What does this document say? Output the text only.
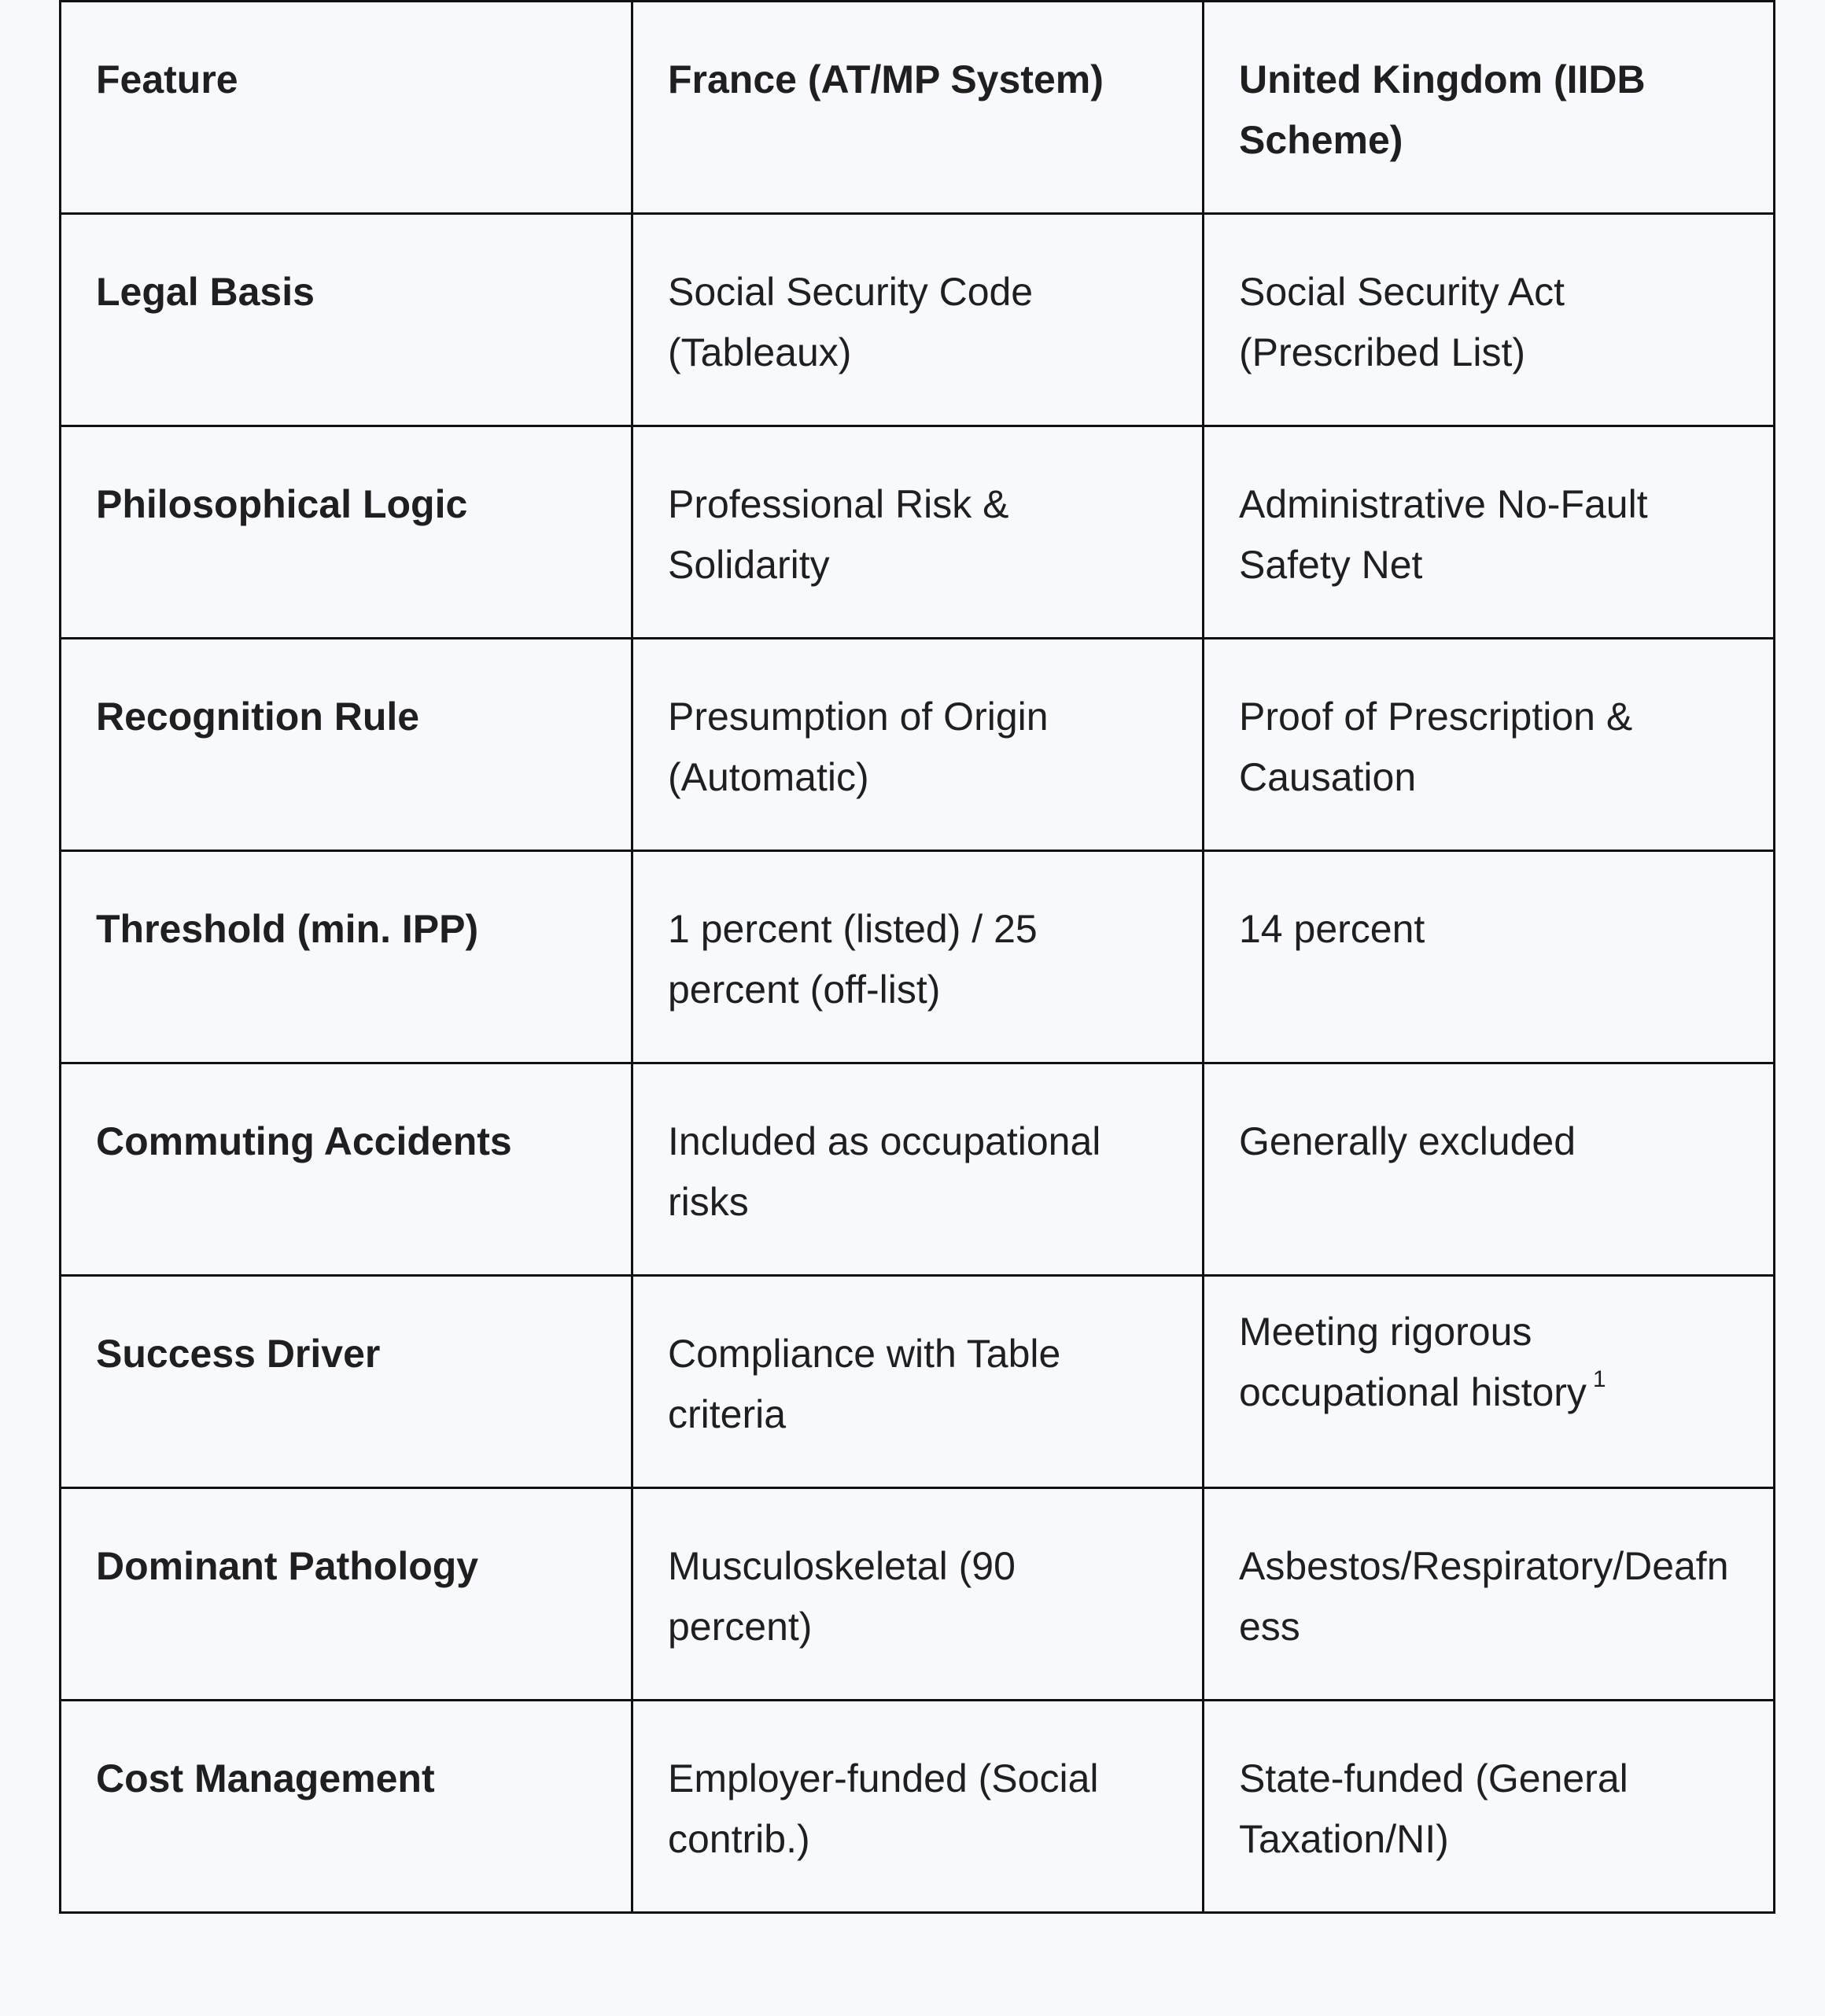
Feature	France (AT/MP System)	United Kingdom (IIDB Scheme)
Legal Basis	Social Security Code (Tableaux)	Social Security Act (Prescribed List)
Philosophical Logic	Professional Risk & Solidarity	Administrative No-Fault Safety Net
Recognition Rule	Presumption of Origin (Automatic)	Proof of Prescription & Causation
Threshold (min. IPP)	1 percent (listed) / 25 percent (off-list)	14 percent
Commuting Accidents	Included as occupational risks	Generally excluded
Success Driver	Compliance with Table criteria	Meeting rigorous occupational history $^1$
Dominant Pathology	Musculoskeletal (90 percent)	Asbestos/Respiratory/Deafness
Cost Management	Employer-funded (Social contrib.)	State-funded (General Taxation/NI)
